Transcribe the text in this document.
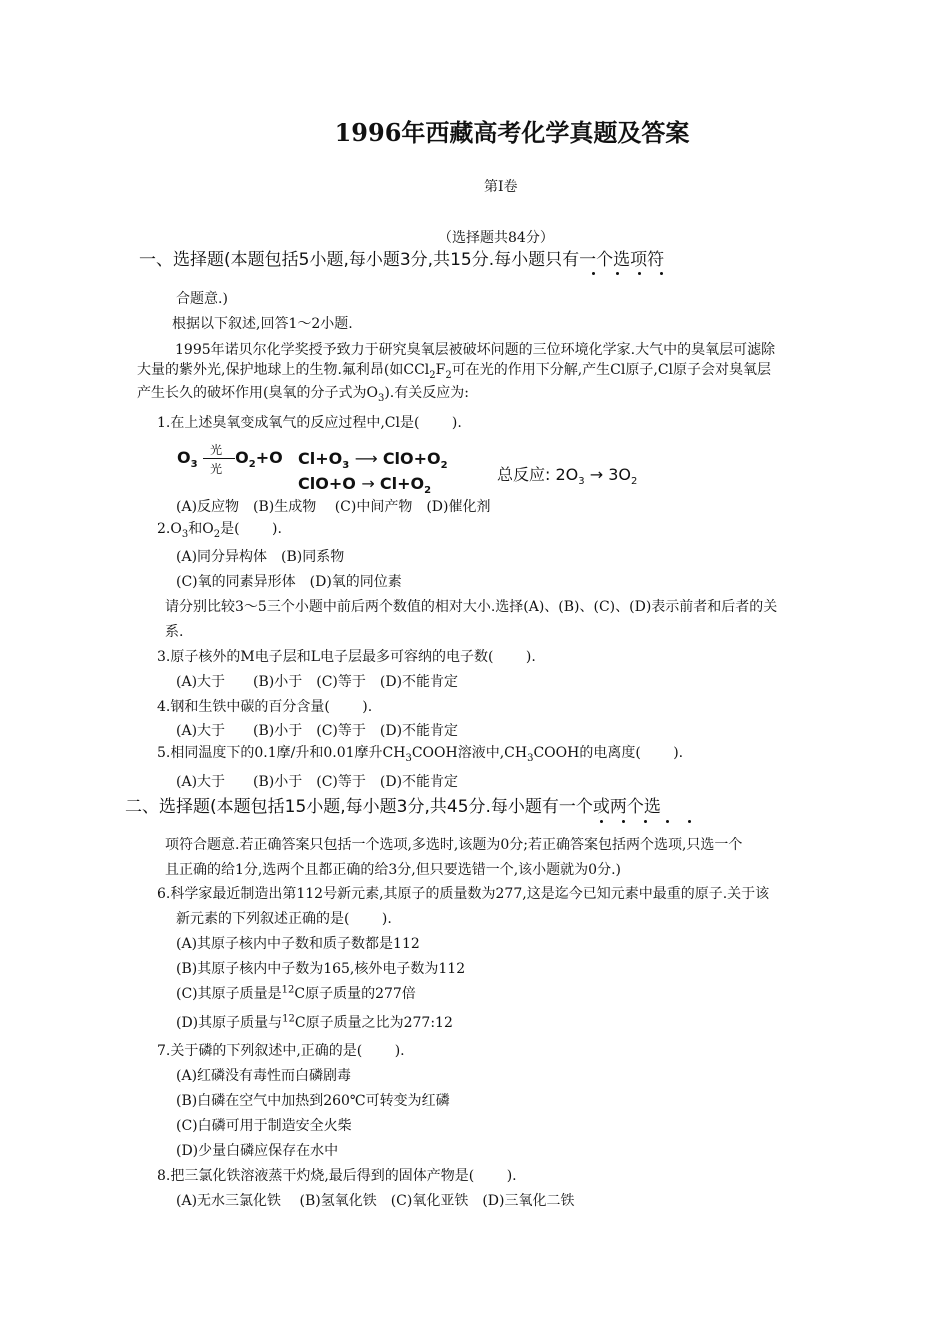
1996年西藏高考化学真题及答案
第I卷
（选择题共84分）
一、选择题(本题包括5小题,每小题3分,共15分.每小题只有一个选项符
合题意.)
根据以下叙述,回答1～2小题.
1995年诺贝尔化学奖授予致力于研究臭氧层被破坏问题的三位环境化学家.大气中的臭氧层可滤除
大量的紫外光,保护地球上的生物.氟利昂(如$CCl_2F_2$可在光的作用下分解,产生Cl原子,Cl原子会对臭氧层
产生长久的破坏作用(臭氧的分子式为$O_3$).有关反应为:
1.在上述臭氧变成氧气的反应过程中,Cl是(　　 ).
$O_3$
光
光
$O_2+O$ $Cl+O_3$ ⟶ $ClO+O_2$
$ClO+O \to Cl+O_2$
总反应: $2O_3 \to 3O_2$
(A)反应物　(B)生成物　 (C)中间产物　(D)催化剂
$2.O_3$和$O_2$是(　　 ).
(A)同分异构体　(B)同系物
(C)氧的同素异形体　(D)氧的同位素
请分别比较3～5三个小题中前后两个数值的相对大小.选择(A)、(B)、(C)、(D)表示前者和后者的关
系.
3.原子核外的M电子层和L电子层最多可容纳的电子数(　　 ).
(A)大于　　(B)小于　(C)等于　(D)不能肯定
4.钢和生铁中碳的百分含量(　　 ).
(A)大于　　(B)小于　(C)等于　(D)不能肯定
5.相同温度下的0.1摩/升和0.01摩升$CH_3COOH$溶液中$,CH_3COOH$的电离度(　　 ).
(A)大于　　(B)小于　(C)等于　(D)不能肯定
二、选择题(本题包括15小题,每小题3分,共45分.每小题有一个或两个选
项符合题意.若正确答案只包括一个选项,多选时,该题为0分;若正确答案包括两个选项,只选一个
且正确的给1分,选两个且都正确的给3分,但只要选错一个,该小题就为0分.)
6.科学家最近制造出第112号新元素,其原子的质量数为277,这是迄今已知元素中最重的原子.关于该
新元素的下列叙述正确的是(　　 ).
(A)其原子核内中子数和质子数都是112
(B)其原子核内中子数为165,核外电子数为112
(C)其原子质量是$^{12}$C原子质量的277倍
(D)其原子质量与$^{12}$C原子质量之比为277:12
7.关于磷的下列叙述中,正确的是(　　 ).
(A)红磷没有毒性而白磷剧毒
(B)白磷在空气中加热到260℃可转变为红磷
(C)白磷可用于制造安全火柴
(D)少量白磷应保存在水中
8.把三氯化铁溶液蒸干灼烧,最后得到的固体产物是(　　 ).
(A)无水三氯化铁　 (B)氢氧化铁　(C)氧化亚铁　(D)三氧化二铁
